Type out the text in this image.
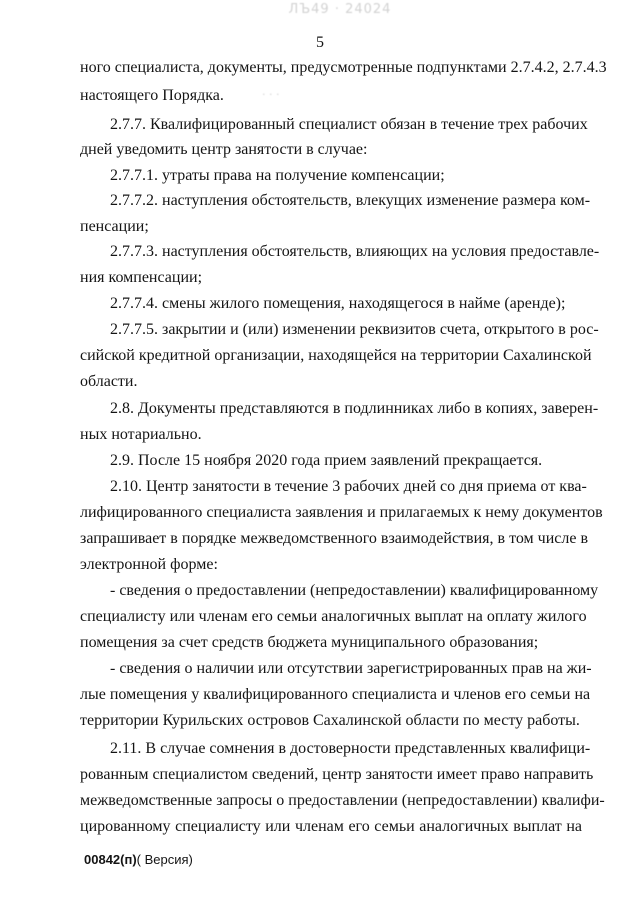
ЛЪ49 · 24024
5
· · ·
ного специалиста, документы, предусмотренные подпунктами 2.7.4.2, 2.7.4.3
настоящего Порядка.
2.7.7. Квалифицированный специалист обязан в течение трех рабочих
дней уведомить центр занятости в случае:
2.7.7.1. утраты права на получение компенсации;
2.7.7.2. наступления обстоятельств, влекущих изменение размера ком-
пенсации;
2.7.7.3. наступления обстоятельств, влияющих на условия предоставле-
ния компенсации;
2.7.7.4. смены жилого помещения, находящегося в найме (аренде);
2.7.7.5. закрытии и (или) изменении реквизитов счета, открытого в рос-
сийской кредитной организации, находящейся на территории Сахалинской
области.
2.8. Документы представляются в подлинниках либо в копиях, заверен-
ных нотариально.
2.9. После 15 ноября 2020 года прием заявлений прекращается.
2.10. Центр занятости в течение 3 рабочих дней со дня приема от ква-
лифицированного специалиста заявления и прилагаемых к нему документов
запрашивает в порядке межведомственного взаимодействия, в том числе в
электронной форме:
- сведения о предоставлении (непредоставлении) квалифицированному
специалисту или членам его семьи аналогичных выплат на оплату жилого
помещения за счет средств бюджета муниципального образования;
- сведения о наличии или отсутствии зарегистрированных прав на жи-
лые помещения у квалифицированного специалиста и членов его семьи на
территории Курильских островов Сахалинской области по месту работы.
2.11. В случае сомнения в достоверности представленных квалифици-
рованным специалистом сведений, центр занятости имеет право направить
межведомственные запросы о предоставлении (непредоставлении) квалифи-
цированному специалисту или членам его семьи аналогичных выплат на
00842(п)( Версия)
